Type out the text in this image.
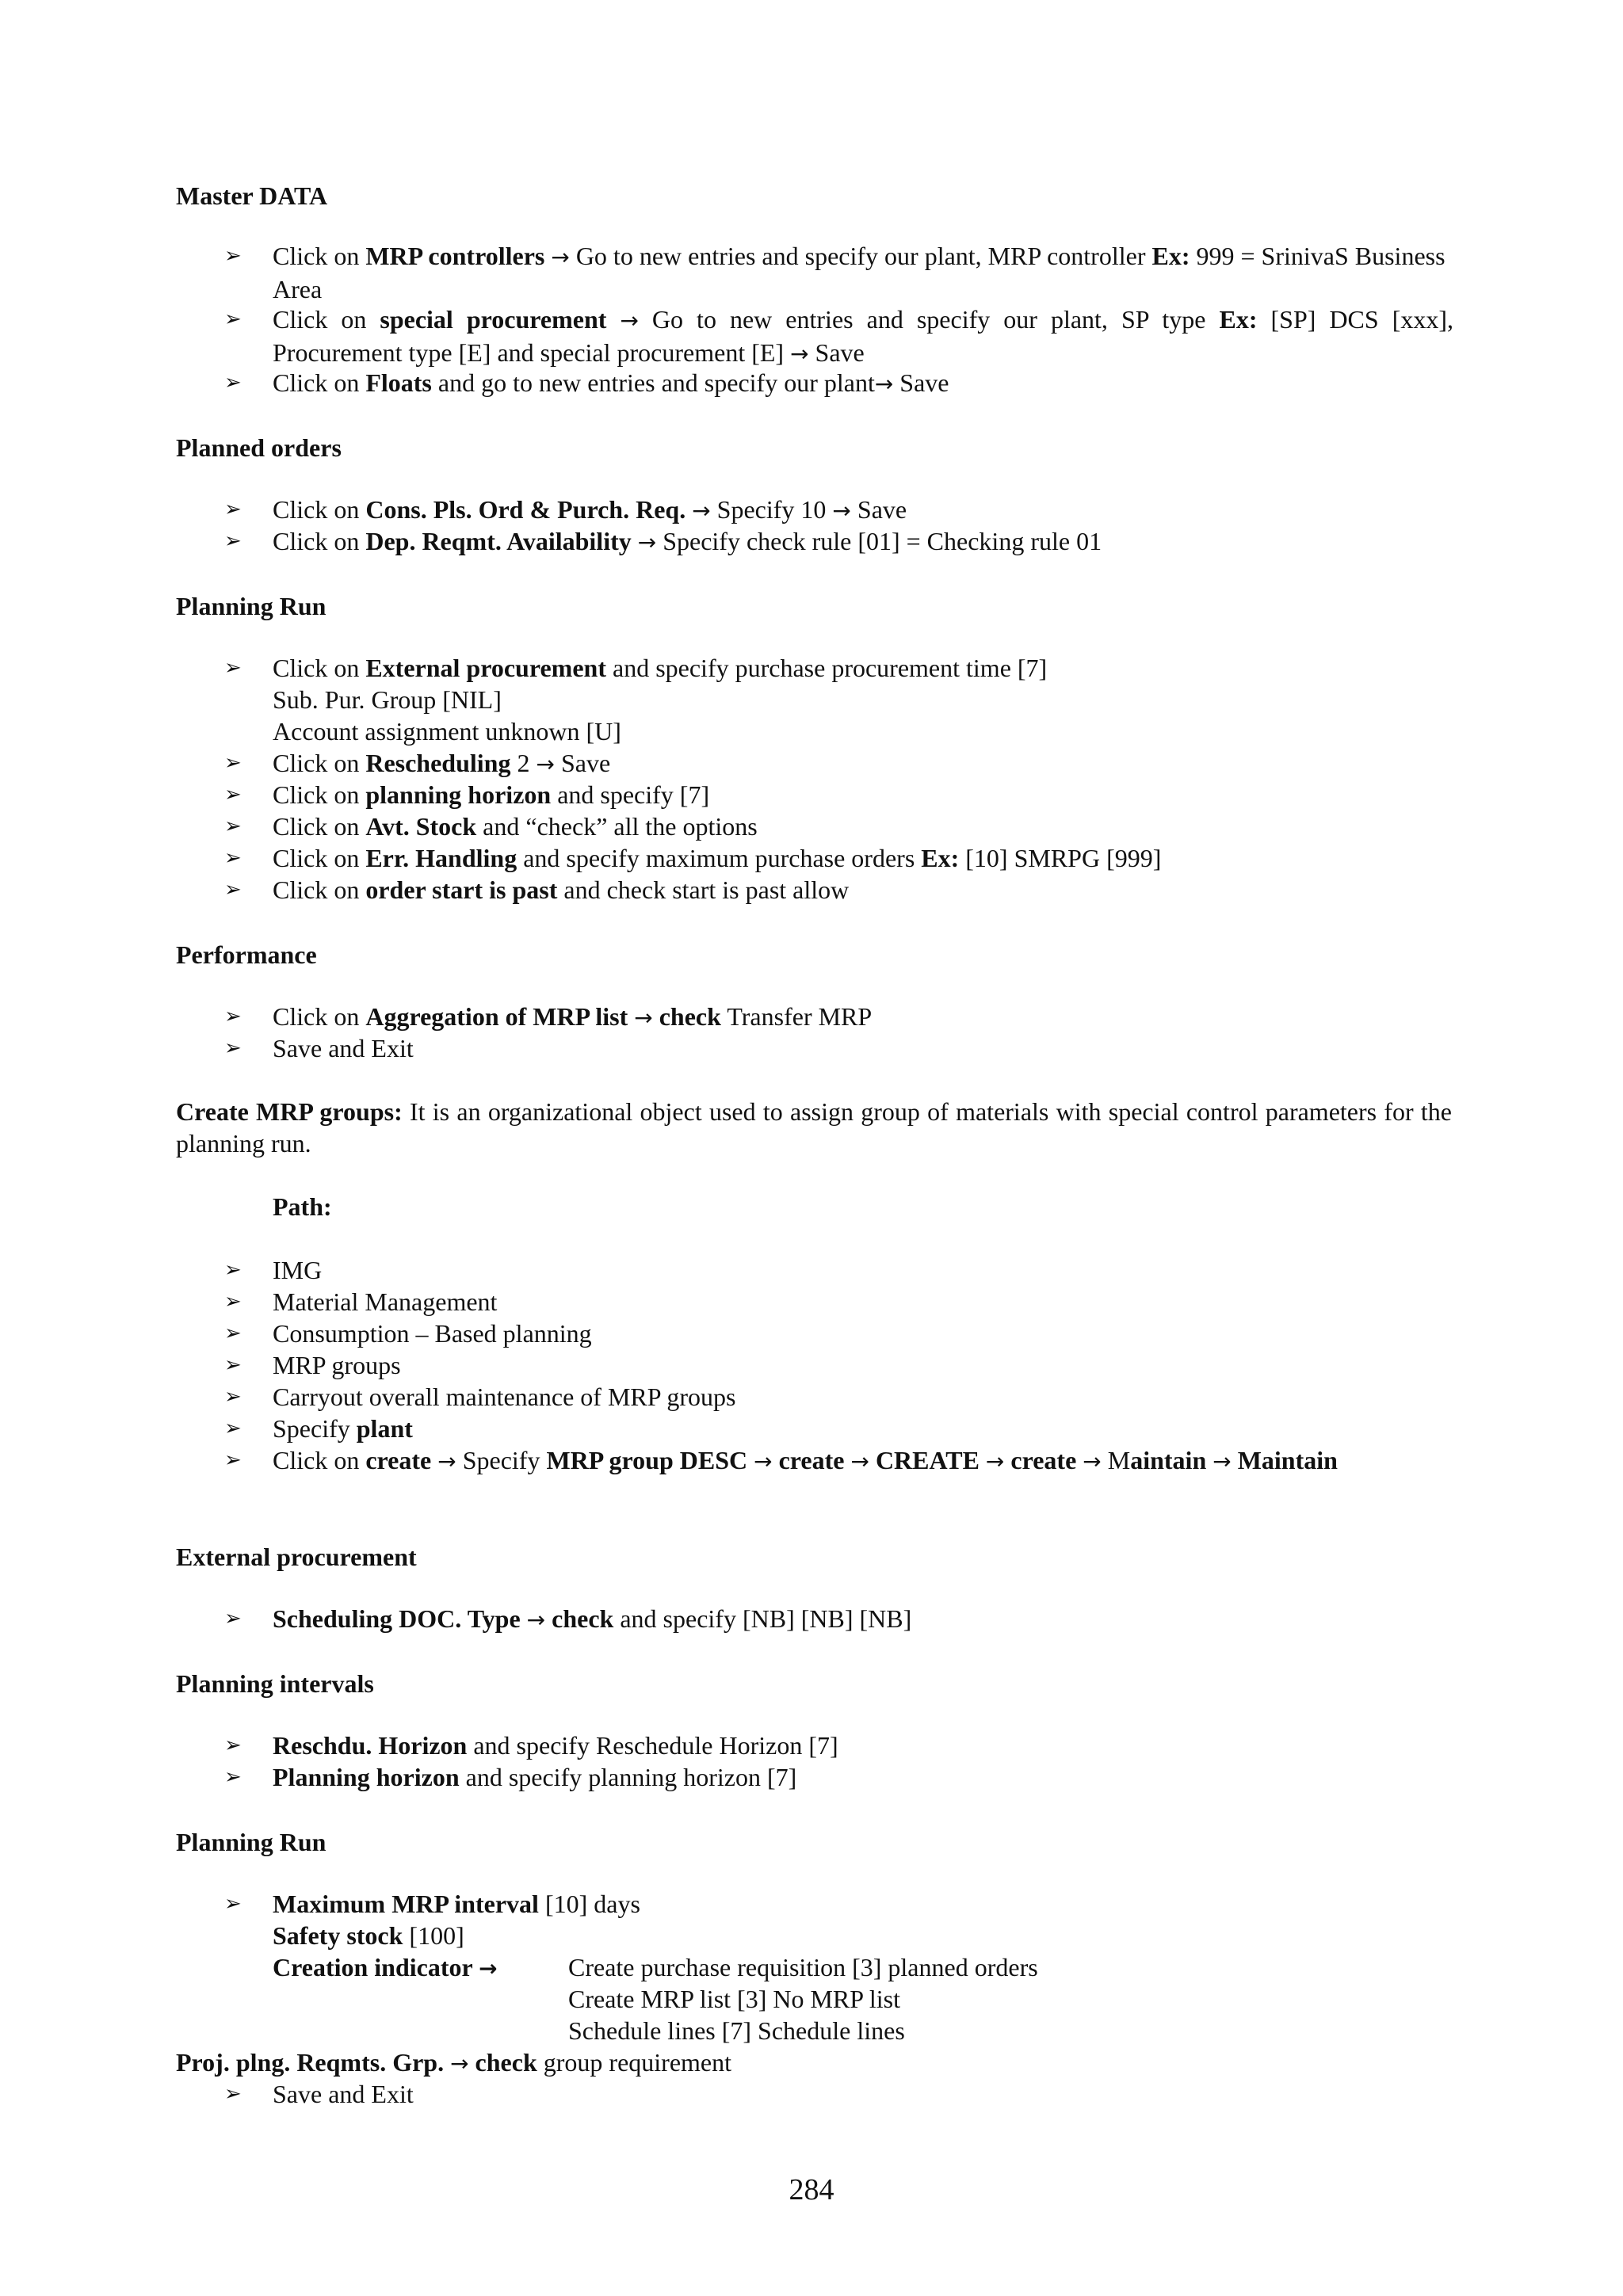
Master DATA
➢	Click on MRP controllers → Go to new entries and specify our plant, MRP controller Ex: 999 = SrinivaS Business Area
➢	Click on special procurement → Go to new entries and specify our plant, SP type Ex: [SP] DCS [xxx], Procurement type [E] and special procurement [E] → Save
➢	Click on Floats and go to new entries and specify our plant→ Save
Planned orders
➢	Click on Cons. Pls. Ord & Purch. Req. → Specify 10 → Save
➢	Click on Dep. Reqmt. Availability → Specify check rule [01] = Checking rule 01
Planning Run
➢	Click on External procurement and specify purchase procurement time [7]
Sub. Pur. Group [NIL]
Account assignment unknown [U]
➢	Click on Rescheduling 2 → Save
➢	Click on planning horizon and specify [7]
➢	Click on Avt. Stock and “check” all the options
➢	Click on Err. Handling and specify maximum purchase orders Ex: [10] SMRPG [999]
➢	Click on order start is past and check start is past allow
Performance
➢	Click on Aggregation of MRP list → check Transfer MRP
➢	Save and Exit
Create MRP groups: It is an organizational object used to assign group of materials with special control parameters for the planning run.
Path:
➢	IMG
➢	Material Management
➢	Consumption – Based planning
➢	MRP groups
➢	Carryout overall maintenance of MRP groups
➢	Specify plant
➢	Click on create → Specify MRP group DESC → create → CREATE → create → Maintain → Maintain
External procurement
➢	Scheduling DOC. Type → check and specify [NB] [NB] [NB]
Planning intervals
➢	Reschdu. Horizon and specify Reschedule Horizon [7]
➢	Planning horizon and specify planning horizon [7]
Planning Run
➢	Maximum MRP interval [10] days
Safety stock [100]
Creation indicator →	Create purchase requisition [3] planned orders
Create MRP list [3] No MRP list
Schedule lines [7] Schedule lines
Proj. plng. Reqmts. Grp. → check group requirement
➢	Save and Exit
284
